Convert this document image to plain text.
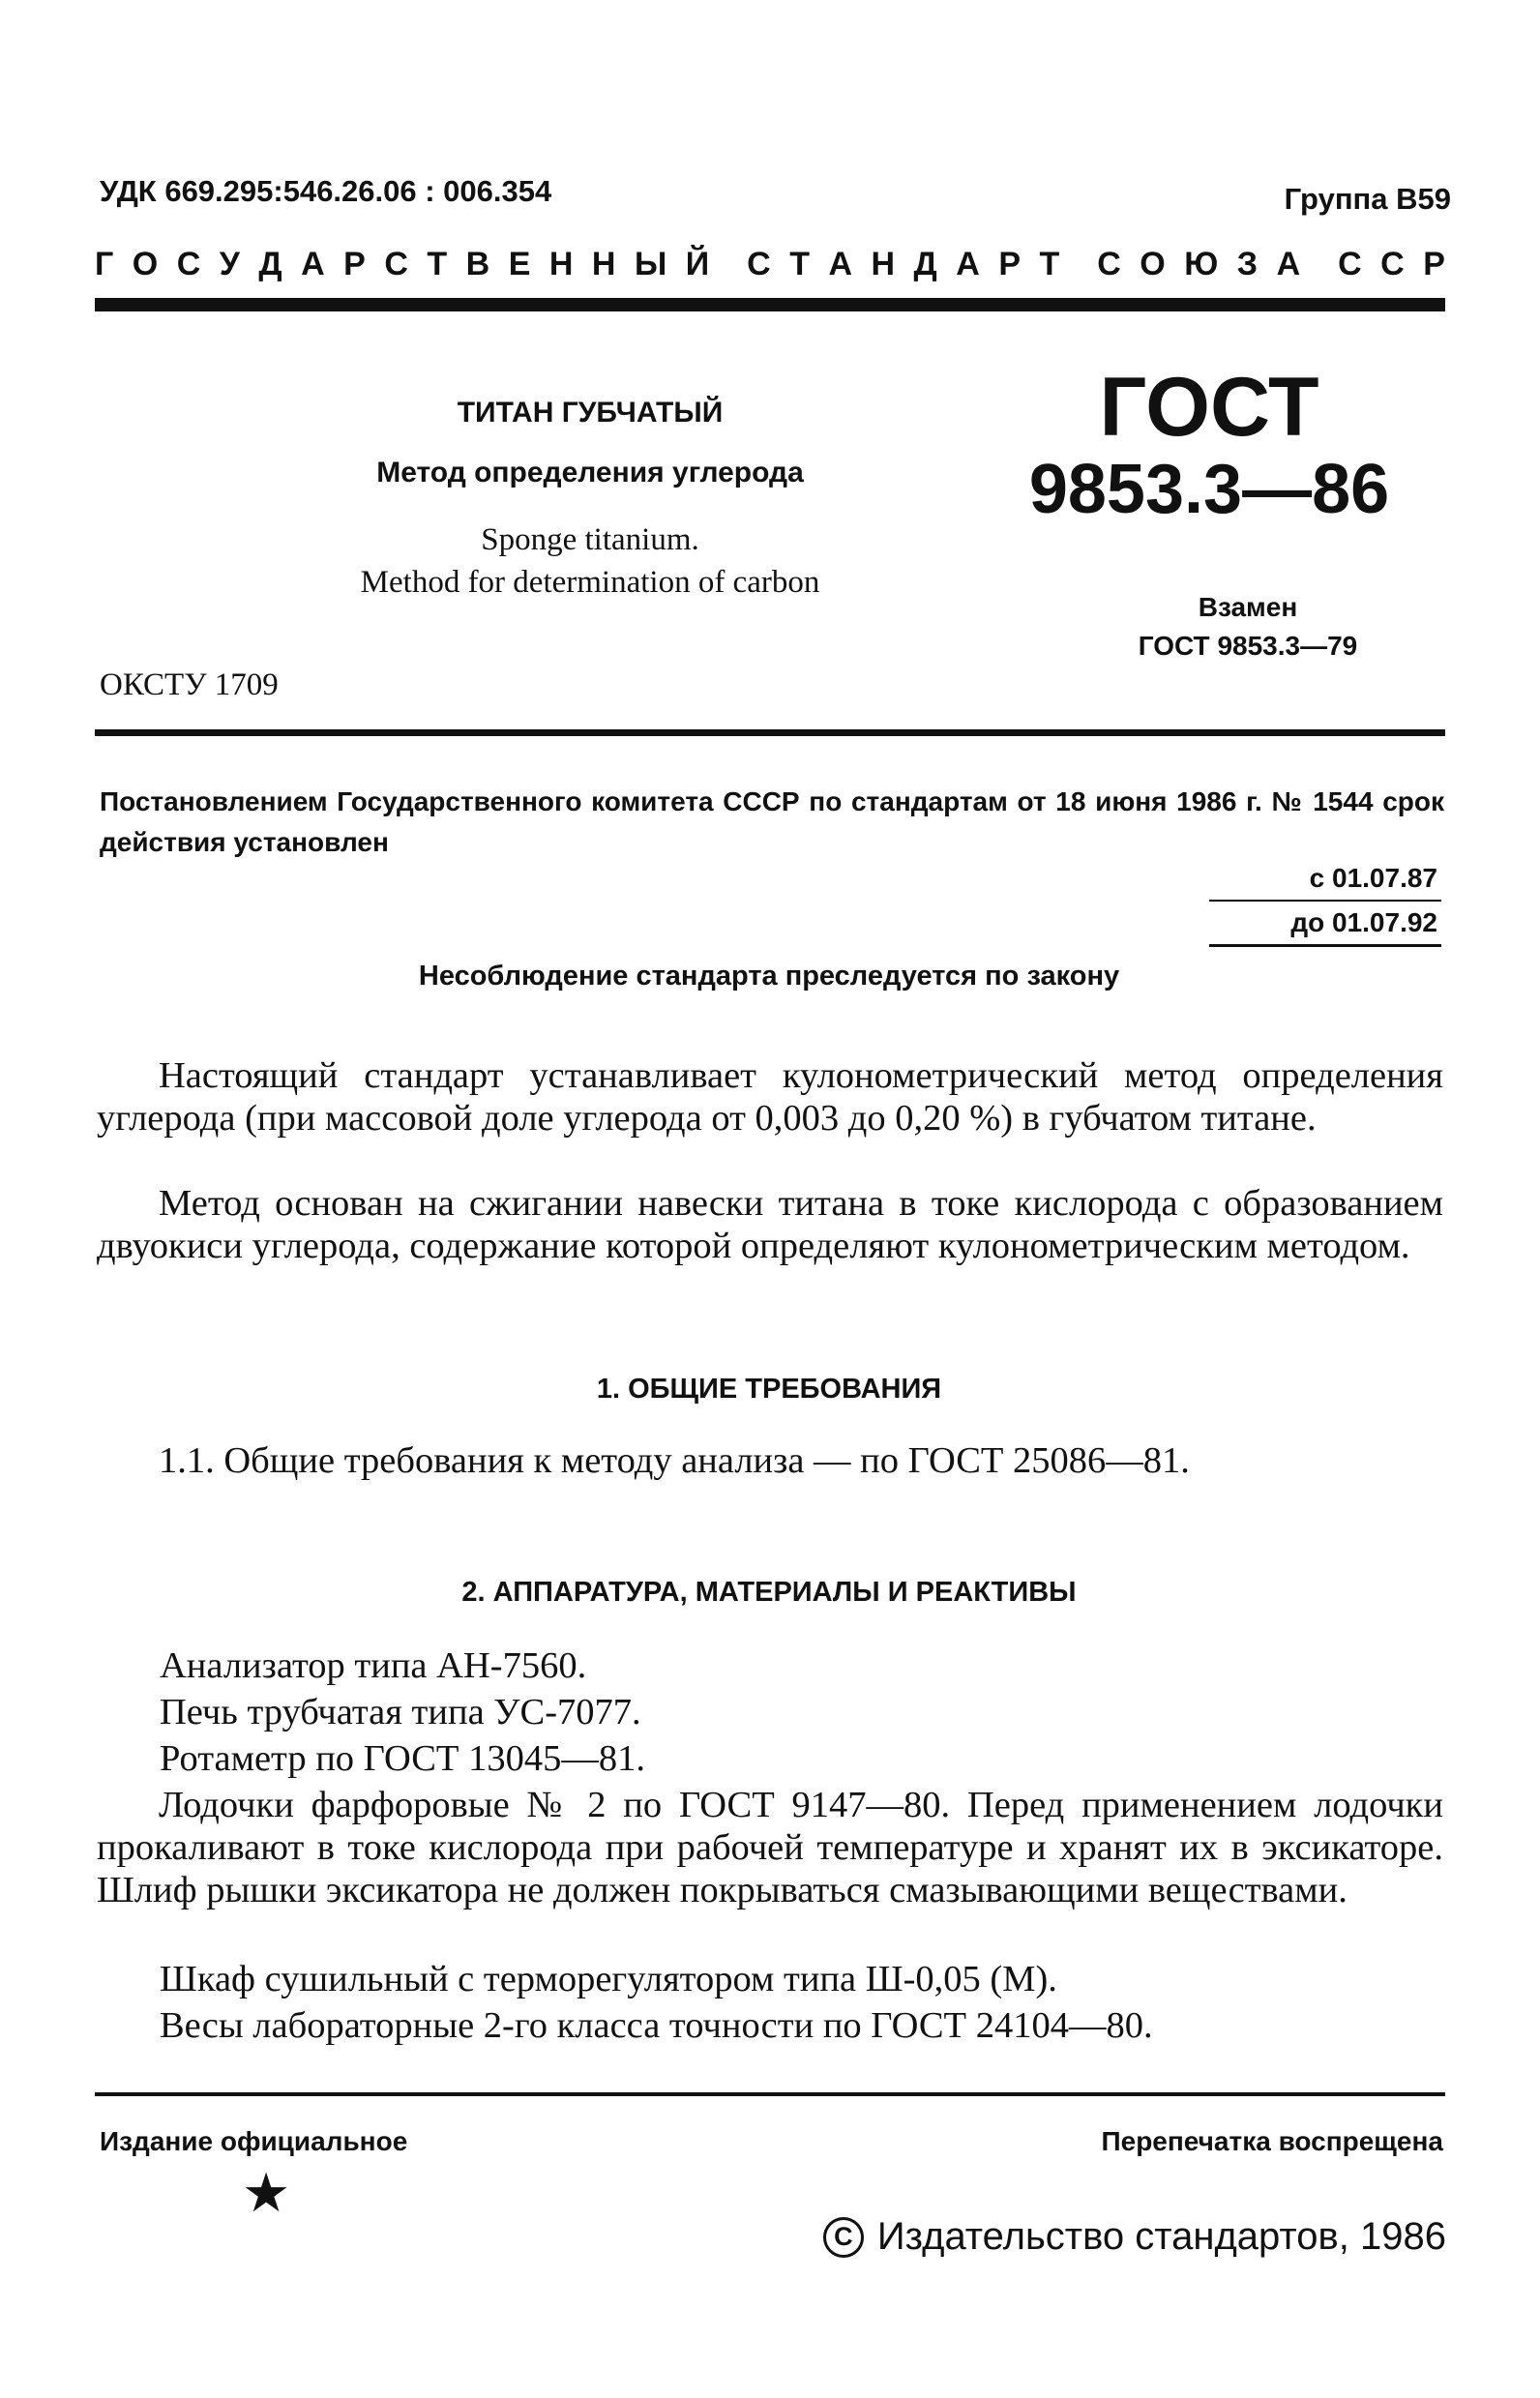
УДК 669.295:546.26.06 : 006.354	Группа В59
Г О С У Д А Р С Т В Е Н Н Ы Й С Т А Н Д А Р Т С О Ю З А С С Р
ТИТАН ГУБЧАТЫЙ
Метод определения углерода
Sponge titanium.
Method for determination of carbon
ГОСТ
9853.3—86
Взамен
ГОСТ 9853.3—79
ОКСТУ 1709
Постановлением Государственного комитета СССР по стандартам от 18 июня 1986 г. № 1544 срок действия установлен
с 01.07.87
до 01.07.92
Несоблюдение стандарта преследуется по закону
Настоящий стандарт устанавливает кулонометрический метод определения углерода (при массовой доле углерода от 0,003 до 0,20 %) в губчатом титане.
Метод основан на сжигании навески титана в токе кислорода с образованием двуокиси углерода, содержание которой определяют кулонометрическим методом.
1. ОБЩИЕ ТРЕБОВАНИЯ
1.1. Общие требования к методу анализа — по ГОСТ 25086—81.
2. АППАРАТУРА, МАТЕРИАЛЫ И РЕАКТИВЫ
Анализатор типа АН-7560.
Печь трубчатая типа УС-7077.
Ротаметр по ГОСТ 13045—81.
Лодочки фарфоровые № 2 по ГОСТ 9147—80. Перед применением лодочки прокаливают в токе кислорода при рабочей температуре и хранят их в эксикаторе. Шлиф рышки эксикатора не должен покрываться смазывающими веществами.
Шкаф сушильный с терморегулятором типа Ш-0,05 (М).
Весы лабораторные 2-го класса точности по ГОСТ 24104—80.
Издание официальное	Перепечатка воспрещена
★
С Издательство стандартов, 1986
